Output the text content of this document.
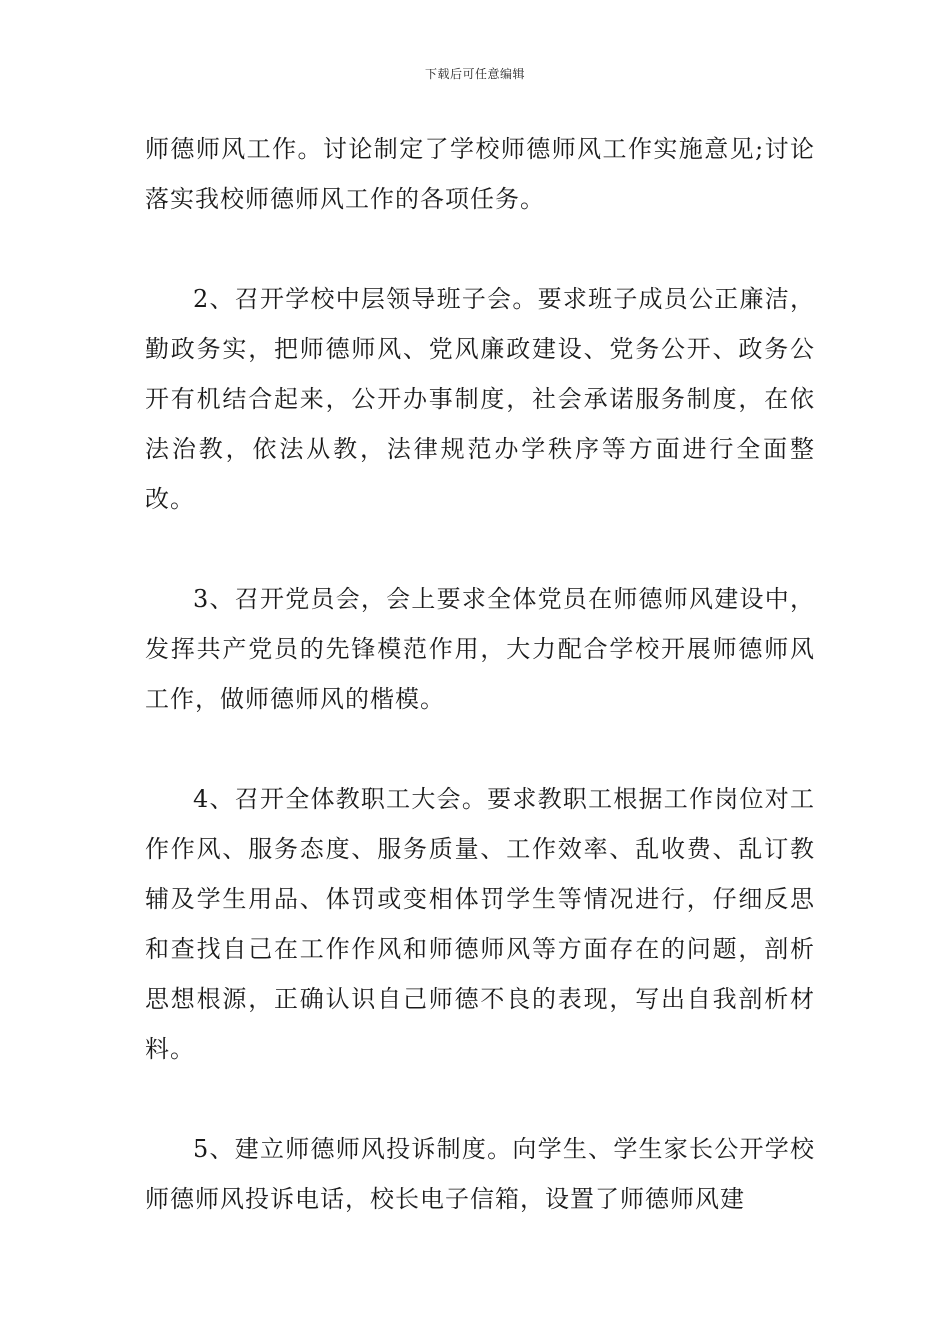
下载后可任意编辑

师德师风工作。讨论制定了学校师德师风工作实施意见;讨论落实我校师德师风工作的各项任务。

2、召开学校中层领导班子会。要求班子成员公正廉洁，勤政务实，把师德师风、党风廉政建设、党务公开、政务公开有机结合起来，公开办事制度，社会承诺服务制度，在依法治教，依法从教，法律规范办学秩序等方面进行全面整改。

3、召开党员会，会上要求全体党员在师德师风建设中，发挥共产党员的先锋模范作用，大力配合学校开展师德师风工作，做师德师风的楷模。

4、召开全体教职工大会。要求教职工根据工作岗位对工作作风、服务态度、服务质量、工作效率、乱收费、乱订教辅及学生用品、体罚或变相体罚学生等情况进行，仔细反思和查找自己在工作作风和师德师风等方面存在的问题，剖析思想根源，正确认识自己师德不良的表现，写出自我剖析材料。

5、建立师德师风投诉制度。向学生、学生家长公开学校师德师风投诉电话，校长电子信箱，设置了师德师风建
